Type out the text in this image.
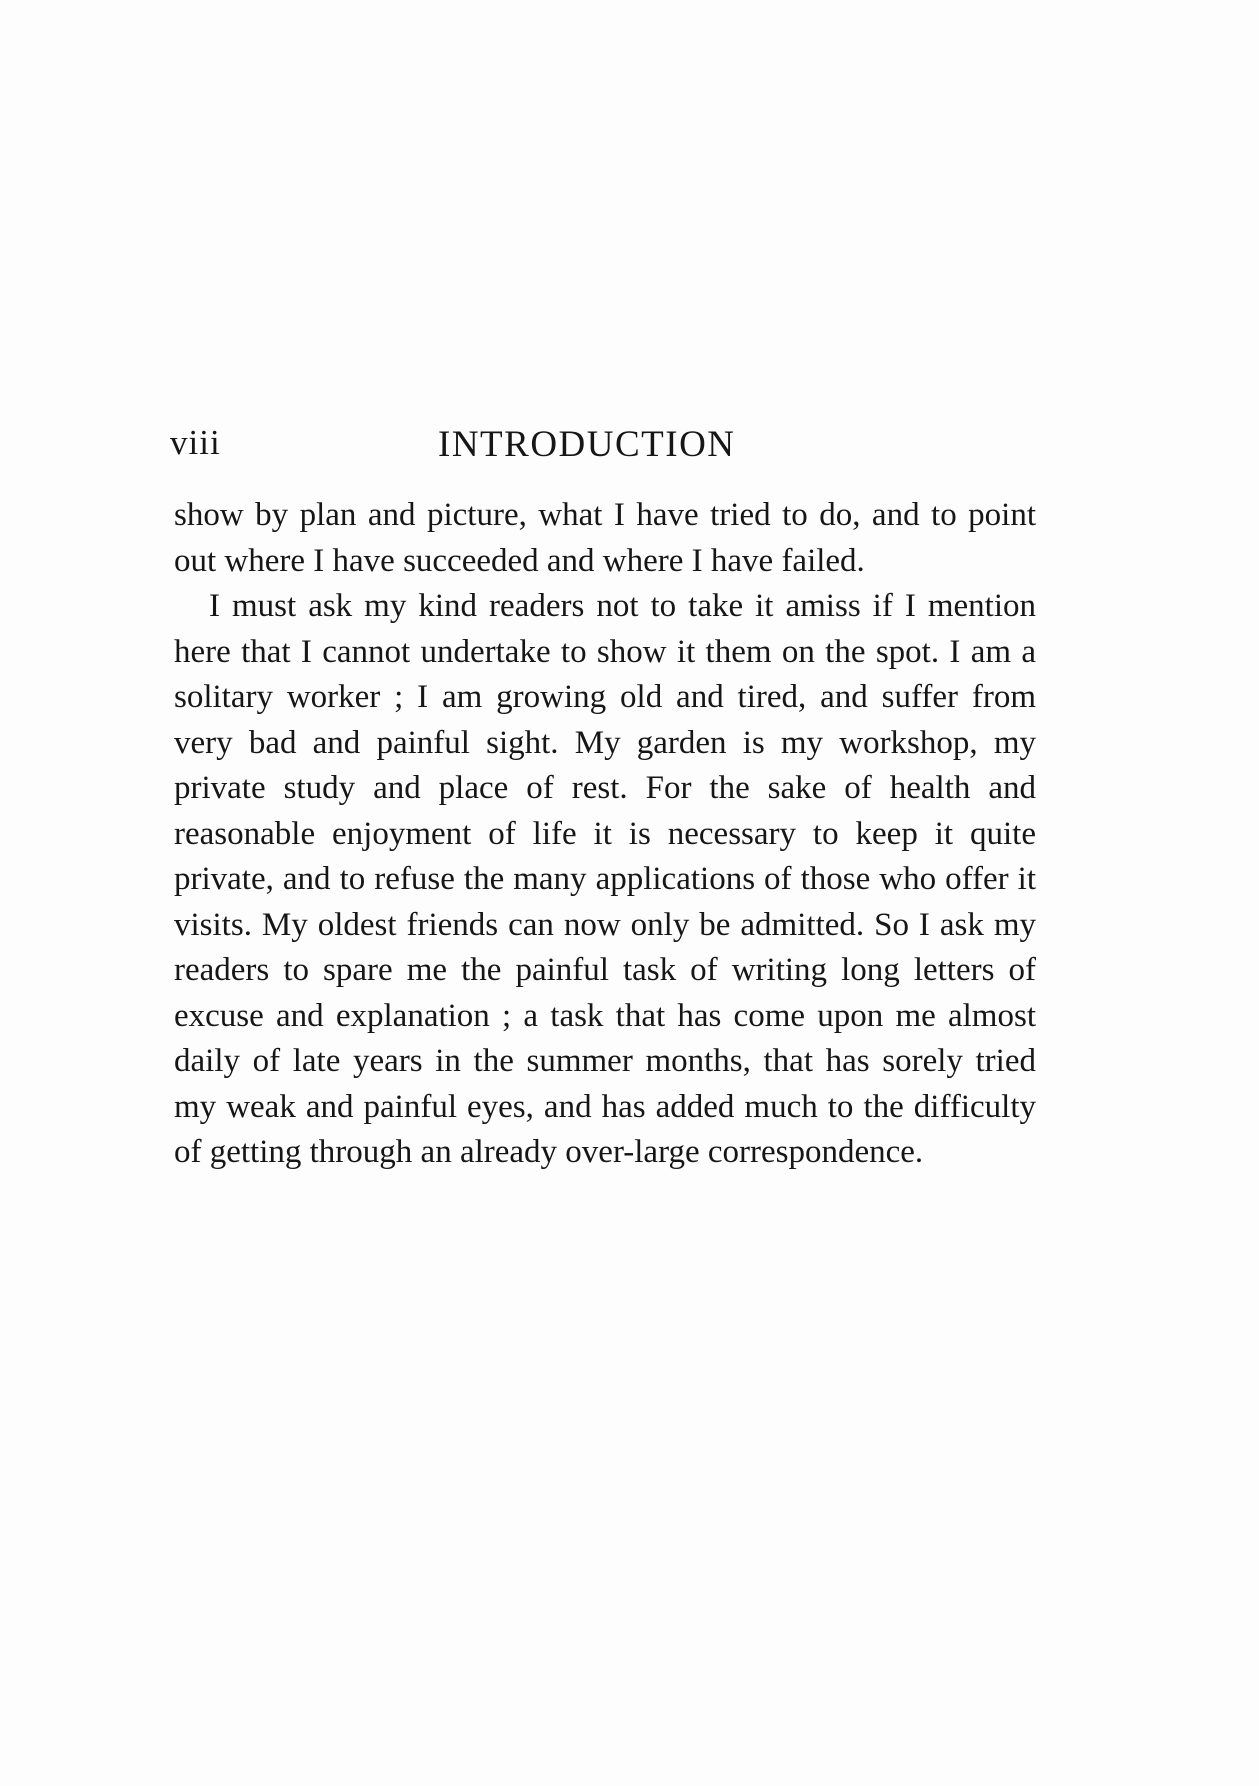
viii	INTRODUCTION

show by plan and picture, what I have tried to do, and to point out where I have succeeded and where I have failed.

I must ask my kind readers not to take it amiss if I mention here that I cannot undertake to show it them on the spot. I am a solitary worker ; I am growing old and tired, and suffer from very bad and painful sight. My garden is my workshop, my private study and place of rest. For the sake of health and reasonable enjoyment of life it is necessary to keep it quite private, and to refuse the many applications of those who offer it visits. My oldest friends can now only be admitted. So I ask my readers to spare me the painful task of writing long letters of excuse and explanation ; a task that has come upon me almost daily of late years in the summer months, that has sorely tried my weak and painful eyes, and has added much to the difficulty of getting through an already over-large correspondence.
